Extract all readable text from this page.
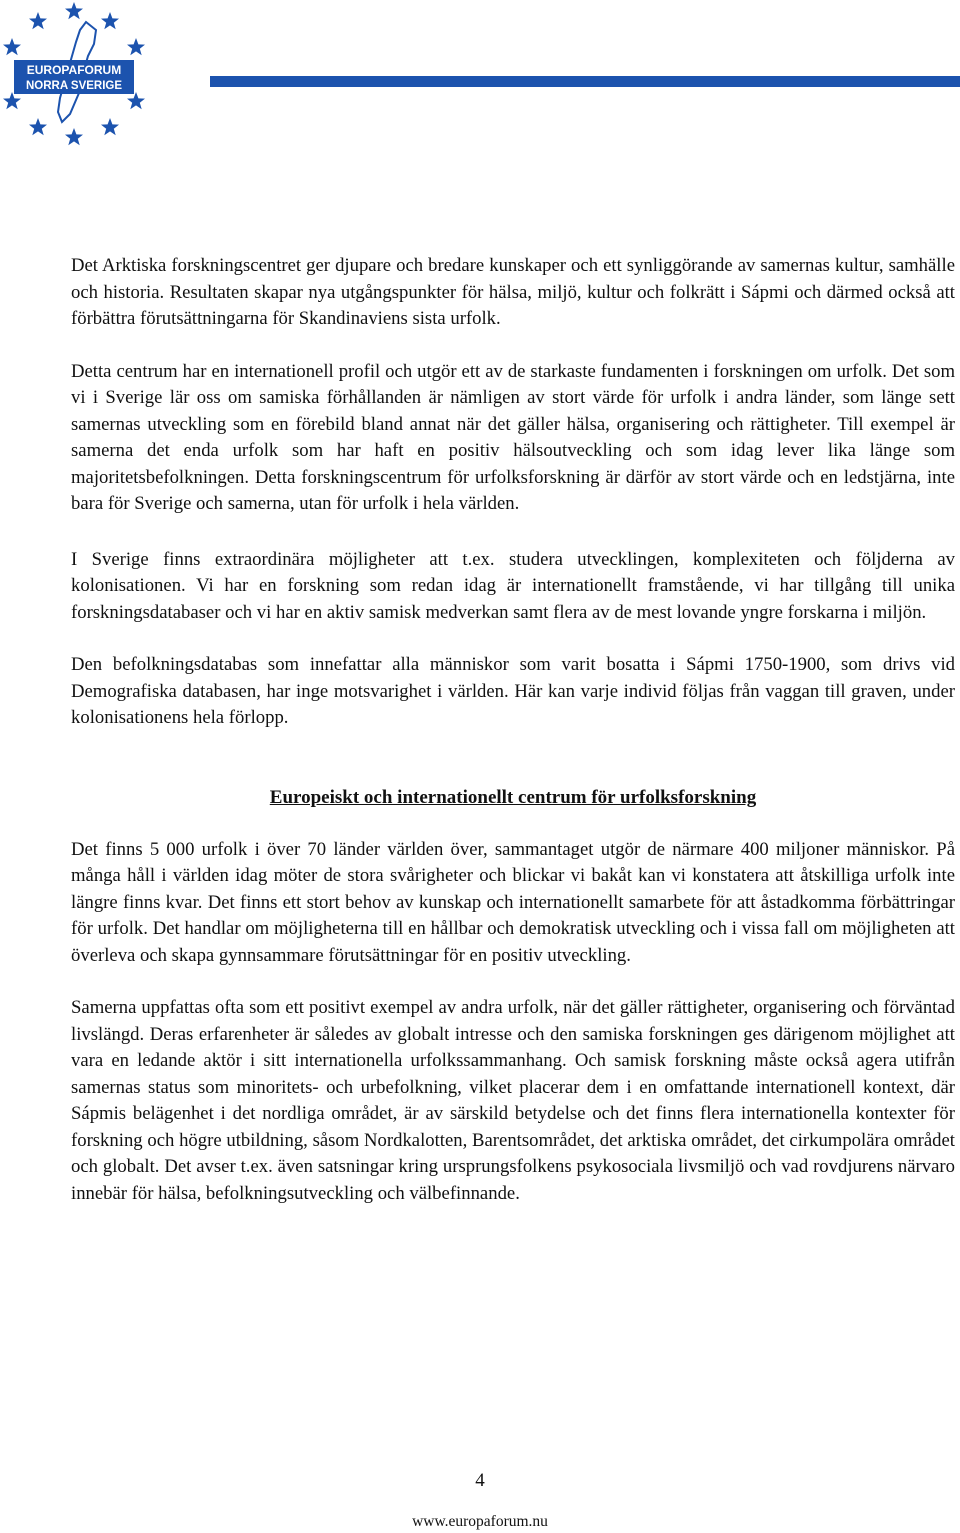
EUROPAFORUM
NORRA SVERIGE

Det Arktiska forskningscentret ger djupare och bredare kunskaper och ett synliggörande av samernas kultur, samhälle och historia. Resultaten skapar nya utgångspunkter för hälsa, miljö, kultur och folkrätt i Sápmi och därmed också att förbättra förutsättningarna för Skandinaviens sista urfolk.

Detta centrum har en internationell profil och utgör ett av de starkaste fundamenten i forskningen om urfolk. Det som vi i Sverige lär oss om samiska förhållanden är nämligen av stort värde för urfolk i andra länder, som länge sett samernas utveckling som en förebild bland annat när det gäller hälsa, organisering och rättigheter. Till exempel är samerna det enda urfolk som har haft en positiv hälsoutveckling och som idag lever lika länge som majoritetsbefolkningen. Detta forskningscentrum för urfolksforskning är därför av stort värde och en ledstjärna, inte bara för Sverige och samerna, utan för urfolk i hela världen.

I Sverige finns extraordinära möjligheter att t.ex. studera utvecklingen, komplexiteten och följderna av kolonisationen. Vi har en forskning som redan idag är internationellt framstående, vi har tillgång till unika forskningsdatabaser och vi har en aktiv samisk medverkan samt flera av de mest lovande yngre forskarna i miljön.

Den befolkningsdatabas som innefattar alla människor som varit bosatta i Sápmi 1750-1900, som drivs vid Demografiska databasen, har inge motsvarighet i världen. Här kan varje individ följas från vaggan till graven, under kolonisationens hela förlopp.

Europeiskt och internationellt centrum för urfolksforskning

Det finns 5 000 urfolk i över 70 länder världen över, sammantaget utgör de närmare 400 miljoner människor. På många håll i världen idag möter de stora svårigheter och blickar vi bakåt kan vi konstatera att åtskilliga urfolk inte längre finns kvar. Det finns ett stort behov av kunskap och internationellt samarbete för att åstadkomma förbättringar för urfolk. Det handlar om möjligheterna till en hållbar och demokratisk utveckling och i vissa fall om möjligheten att överleva och skapa gynnsammare förutsättningar för en positiv utveckling.

Samerna uppfattas ofta som ett positivt exempel av andra urfolk, när det gäller rättigheter, organisering och förväntad livslängd. Deras erfarenheter är således av globalt intresse och den samiska forskningen ges därigenom möjlighet att vara en ledande aktör i sitt internationella urfolkssammanhang. Och samisk forskning måste också agera utifrån samernas status som minoritets- och urbefolkning, vilket placerar dem i en omfattande internationell kontext, där Sápmis belägenhet i det nordliga området, är av särskild betydelse och det finns flera internationella kontexter för forskning och högre utbildning, såsom Nordkalotten, Barentsområdet, det arktiska området, det cirkumpolära området och globalt. Det avser t.ex. även satsningar kring ursprungsfolkens psykosociala livsmiljö och vad rovdjurens närvaro innebär för hälsa, befolkningsutveckling och välbefinnande.

4
www.europaforum.nu
